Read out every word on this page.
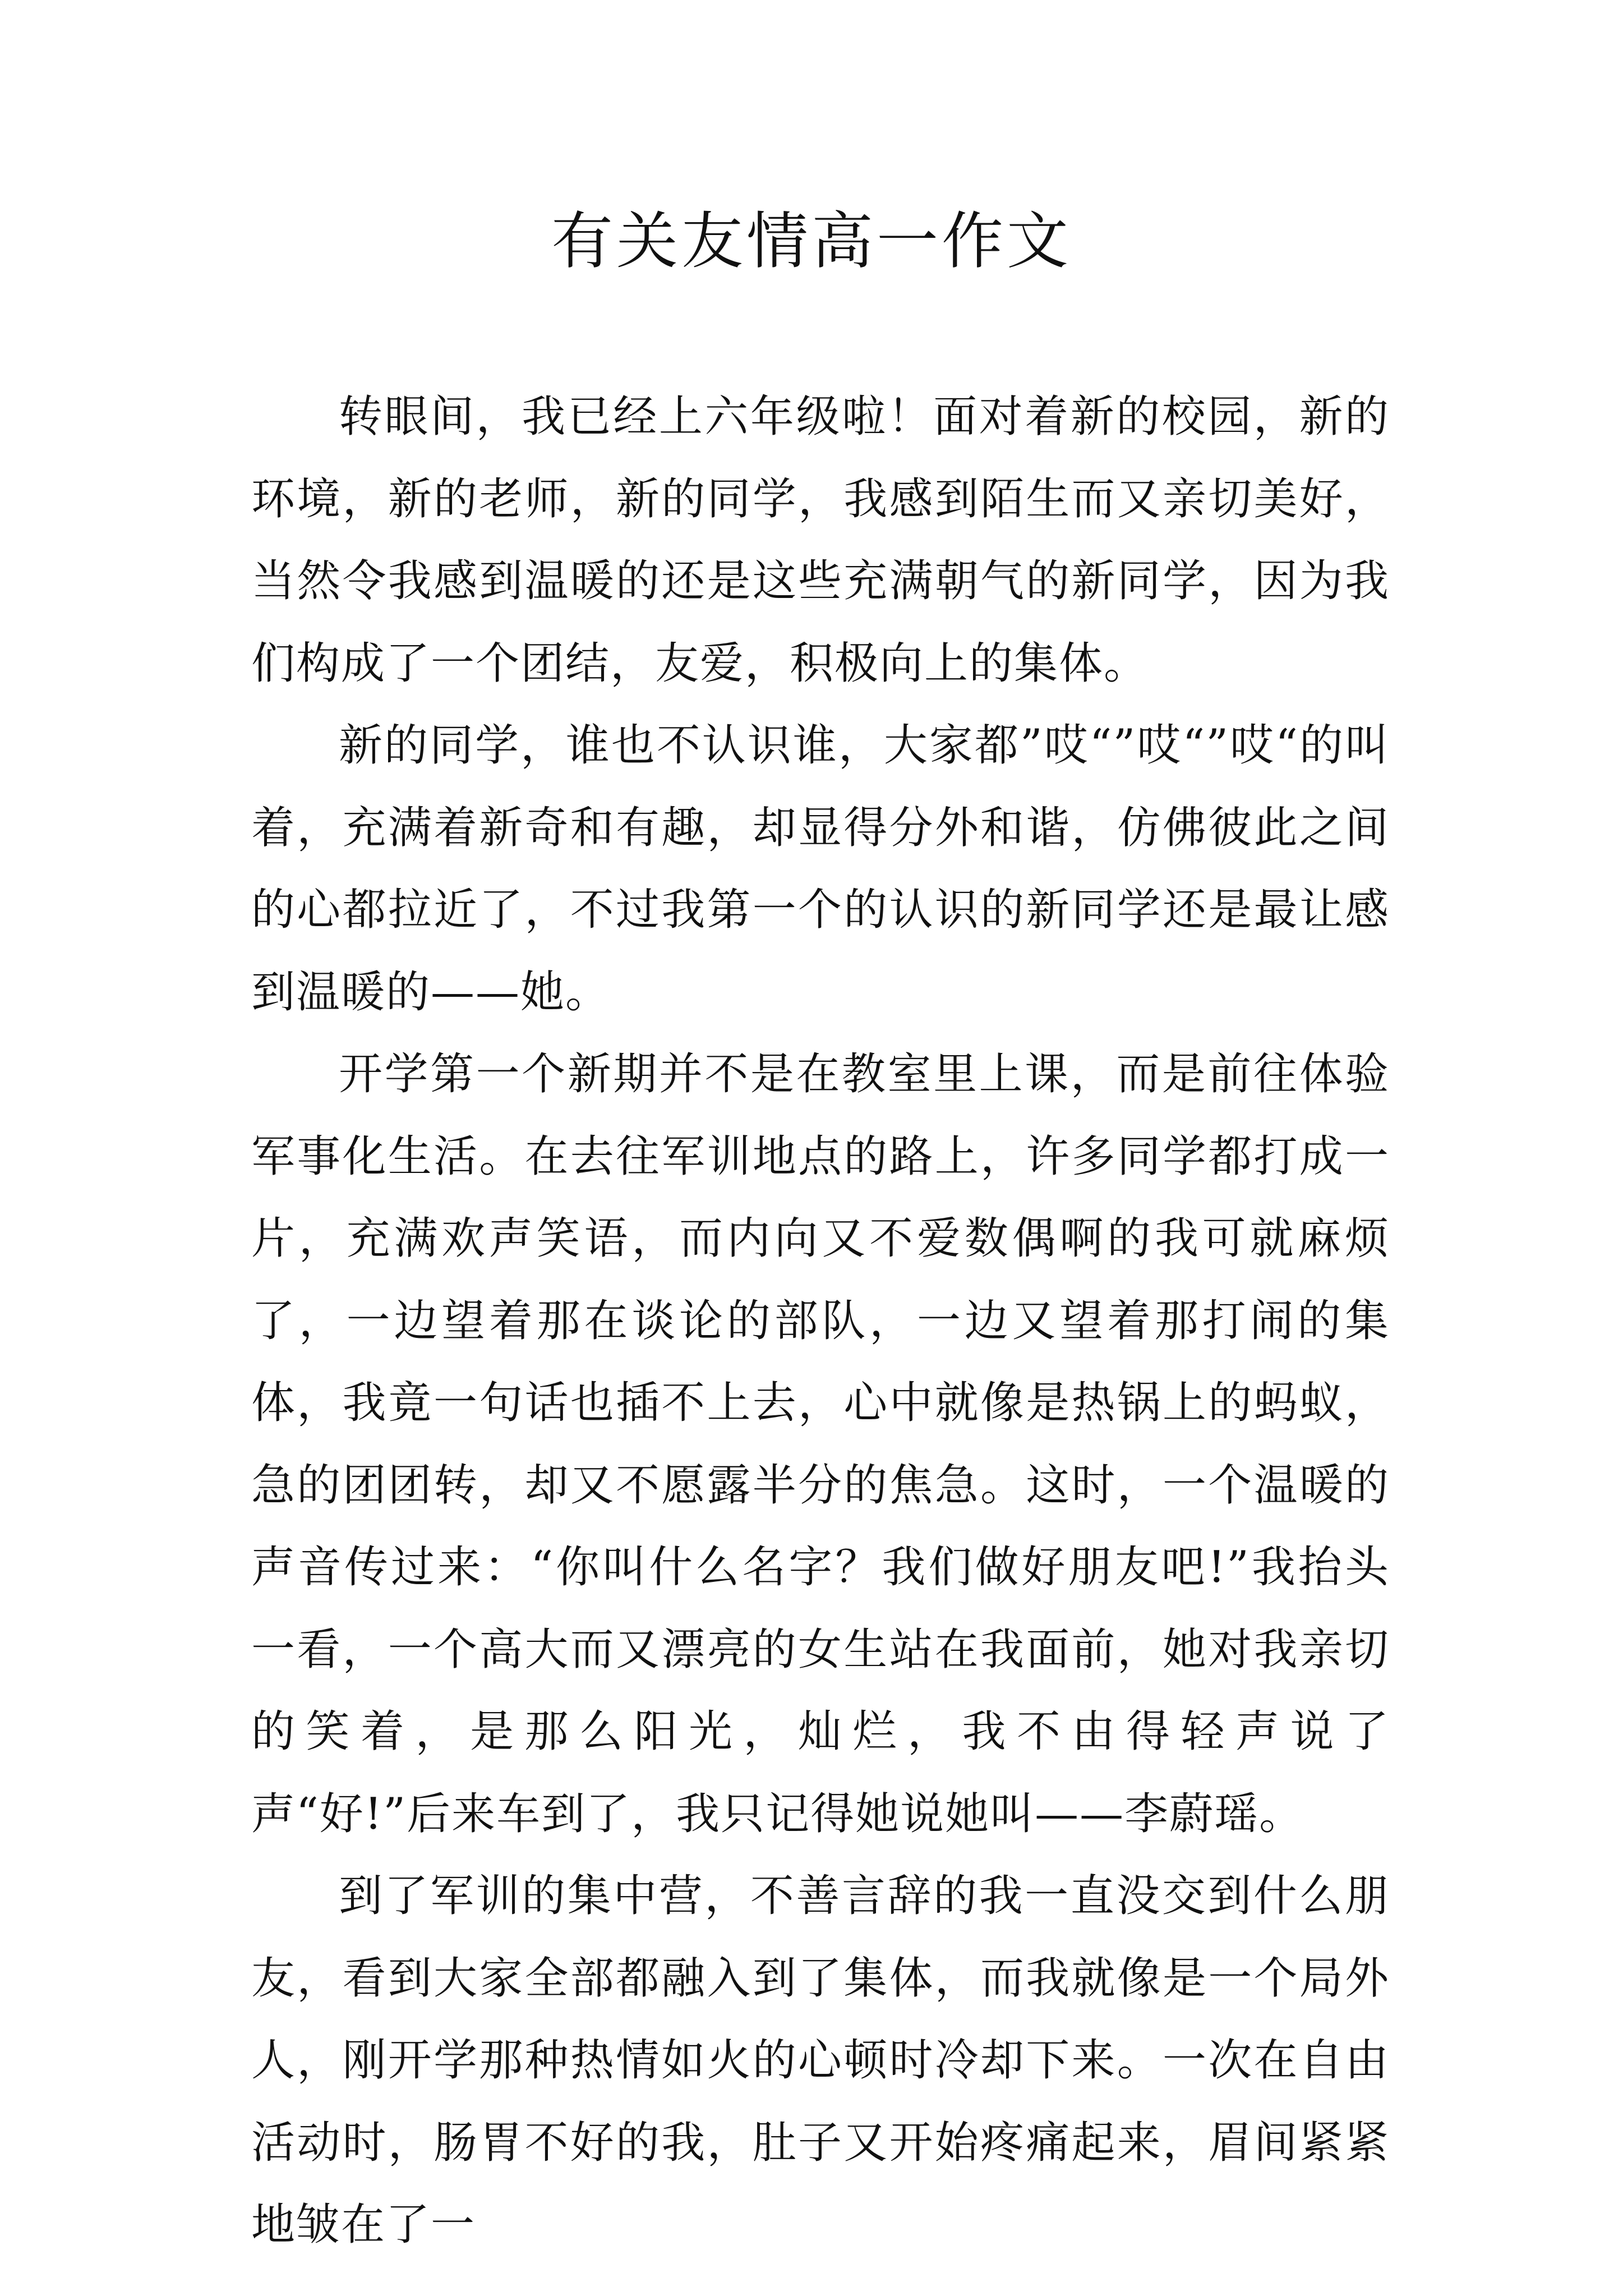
有关友情高一作文

转眼间，我已经上六年级啦！面对着新的校园，新的环境，新的老师，新的同学，我感到陌生而又亲切美好，当然令我感到温暖的还是这些充满朝气的新同学，因为我们构成了一个团结，友爱，积极向上的集体。

新的同学，谁也不认识谁，大家都”哎“”哎“”哎“的叫着，充满着新奇和有趣，却显得分外和谐，仿佛彼此之间的心都拉近了，不过我第一个的认识的新同学还是最让感到温暖的——她。

开学第一个新期并不是在教室里上课，而是前往体验军事化生活。在去往军训地点的路上，许多同学都打成一片，充满欢声笑语，而内向又不爱数偶啊的我可就麻烦了，一边望着那在谈论的部队，一边又望着那打闹的集体，我竟一句话也插不上去，心中就像是热锅上的蚂蚁，急的团团转，却又不愿露半分的焦急。这时，一个温暖的声音传过来：“你叫什么名字？我们做好朋友吧!”我抬头一看，一个高大而又漂亮的女生站在我面前，她对我亲切的笑着，是那么阳光，灿烂，我不由得轻声说了声“好!”后来车到了，我只记得她说她叫——李蔚瑶。

到了军训的集中营，不善言辞的我一直没交到什么朋友，看到大家全部都融入到了集体，而我就像是一个局外人，刚开学那种热情如火的心顿时冷却下来。一次在自由活动时，肠胃不好的我，肚子又开始疼痛起来，眉间紧紧地皱在了一
